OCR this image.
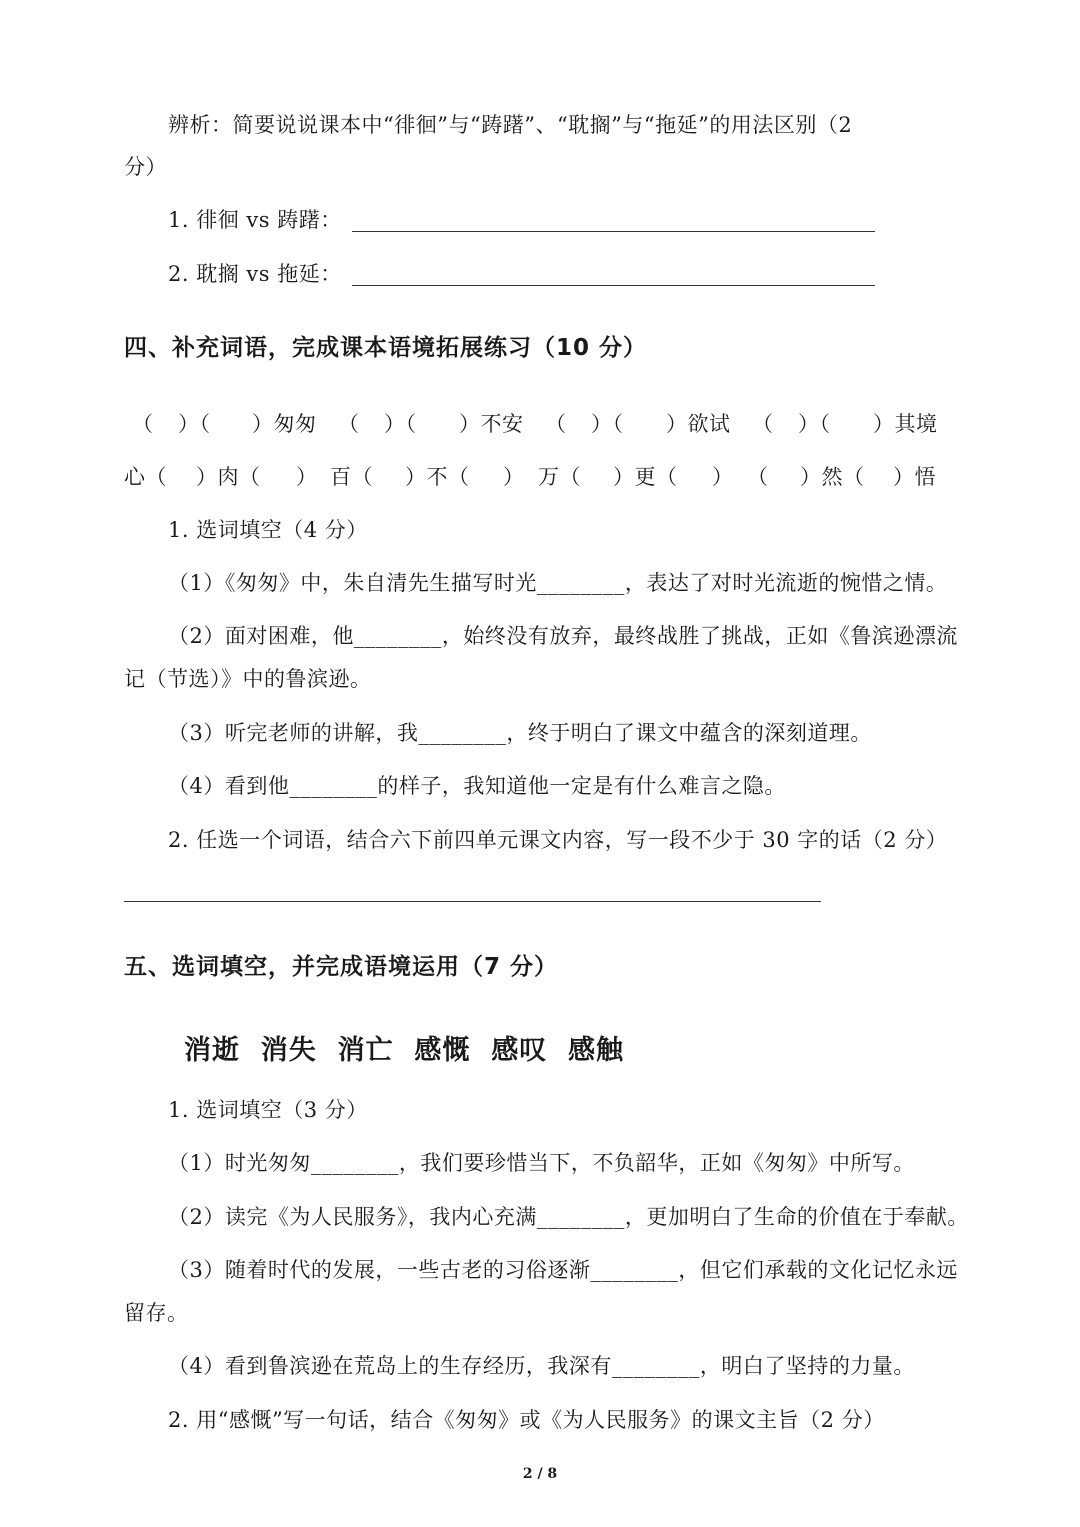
辨析：简要说说课本中“徘徊”与“踌躇”、“耽搁”与“拖延”的用法区别（2
分）
1. 徘徊 vs 踌躇：
2. 耽搁 vs 拖延：
四、补充词语，完成课本语境拓展练习（10 分）
（ ）（ ）匆匆 （ ）（ ）不安 （ ）（ ）欲试 （ ）（ ）其境
心（ ）肉（ ） 百（ ）不（ ） 万（ ）更（ ） （ ）然（ ）悟
1. 选词填空（4 分）
（1）《匆匆》中，朱自清先生描写时光________，表达了对时光流逝的惋惜之情。
（2）面对困难，他________，始终没有放弃，最终战胜了挑战，正如《鲁滨逊漂流
记（节选）》中的鲁滨逊。
（3）听完老师的讲解，我________，终于明白了课文中蕴含的深刻道理。
（4）看到他________的样子，我知道他一定是有什么难言之隐。
2. 任选一个词语，结合六下前四单元课文内容，写一段不少于 30 字的话（2 分）
五、选词填空，并完成语境运用（7 分）
消逝  消失  消亡  感慨  感叹  感触
1. 选词填空（3 分）
（1）时光匆匆________，我们要珍惜当下，不负韶华，正如《匆匆》中所写。
（2）读完《为人民服务》，我内心充满________，更加明白了生命的价值在于奉献。
（3）随着时代的发展，一些古老的习俗逐渐________，但它们承载的文化记忆永远
留存。
（4）看到鲁滨逊在荒岛上的生存经历，我深有________，明白了坚持的力量。
2. 用“感慨”写一句话，结合《匆匆》或《为人民服务》的课文主旨（2 分）
2 / 8
